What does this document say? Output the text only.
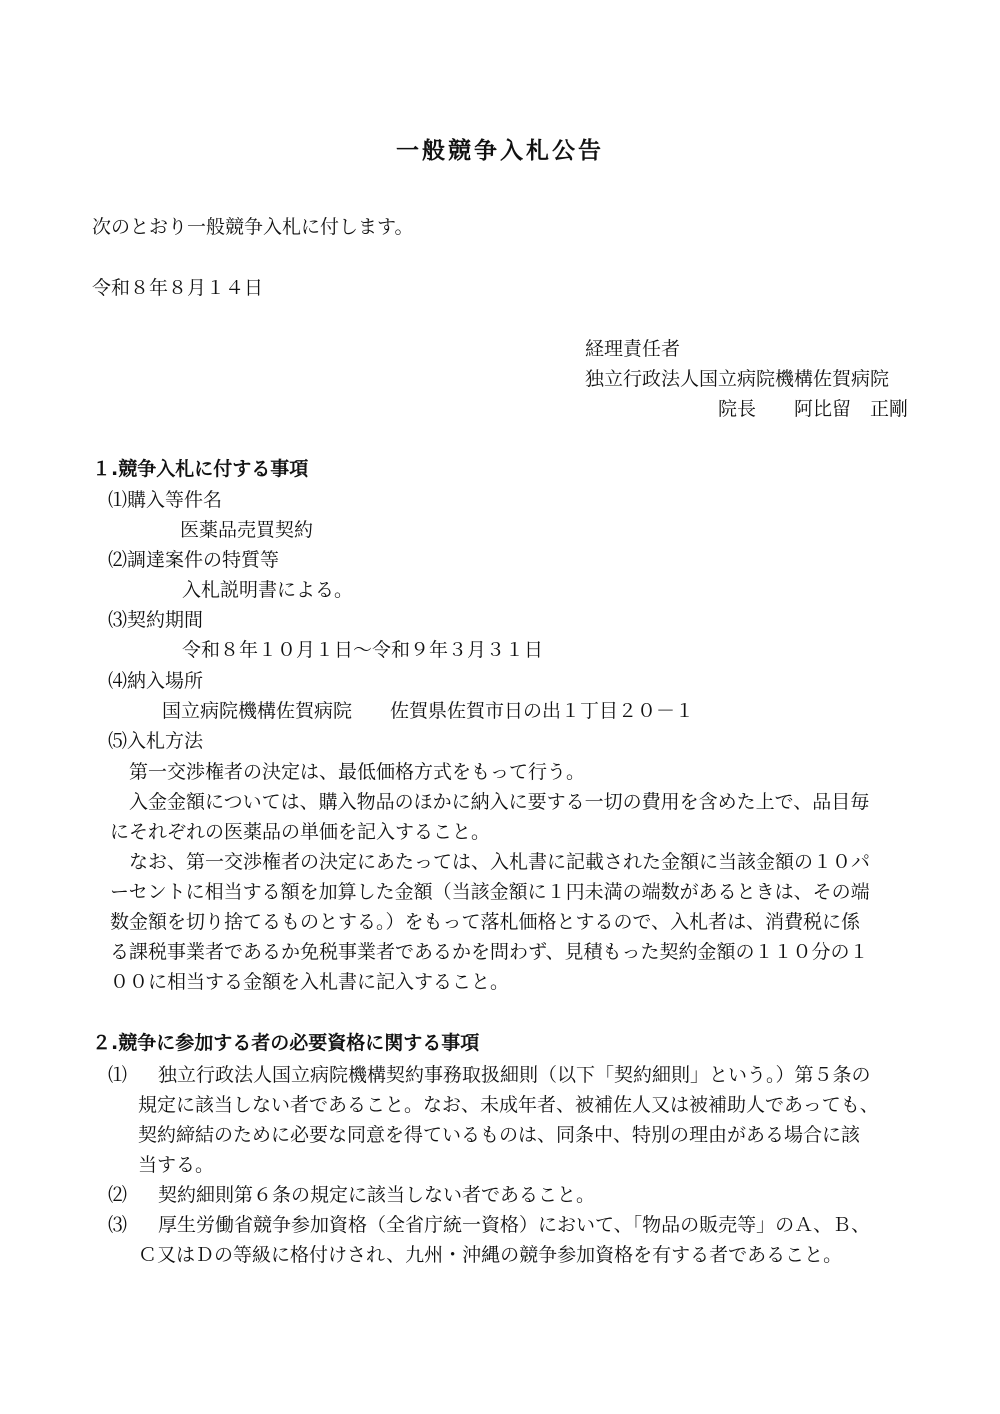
一般競争入札公告
次のとおり一般競争入札に付します。
令和８年８月１４日
経理責任者
独立行政法人国立病院機構佐賀病院
院長　　阿比留　正剛
１.競争入札に付する事項
⑴購入等件名
医薬品売買契約
⑵調達案件の特質等
入札説明書による。
⑶契約期間
令和８年１０月１日～令和９年３月３１日
⑷納入場所
国立病院機構佐賀病院　　佐賀県佐賀市日の出１丁目２０－１
⑸入札方法
　第一交渉権者の決定は、最低価格方式をもって行う。
　入金金額については、購入物品のほかに納入に要する一切の費用を含めた上で、品目毎
にそれぞれの医薬品の単価を記入すること。
　なお、第一交渉権者の決定にあたっては、入札書に記載された金額に当該金額の１０パ
ーセントに相当する額を加算した金額（当該金額に１円未満の端数があるときは、その端
数金額を切り捨てるものとする。）をもって落札価格とするので、入札者は、消費税に係
る課税事業者であるか免税事業者であるかを問わず、見積もった契約金額の１１０分の１
００に相当する金額を入札書に記入すること。
２.競争に参加する者の必要資格に関する事項
⑴	独立行政法人国立病院機構契約事務取扱細則（以下「契約細則」という。）第５条の
規定に該当しない者であること。なお、未成年者、被補佐人又は被補助人であっても、
契約締結のために必要な同意を得ているものは、同条中、特別の理由がある場合に該
当する。
⑵ 契約細則第６条の規定に該当しない者であること。
⑶	厚生労働省競争参加資格（全省庁統一資格）において、「物品の販売等」のＡ、Ｂ、
Ｃ又はＤの等級に格付けされ、九州・沖縄の競争参加資格を有する者であること。
